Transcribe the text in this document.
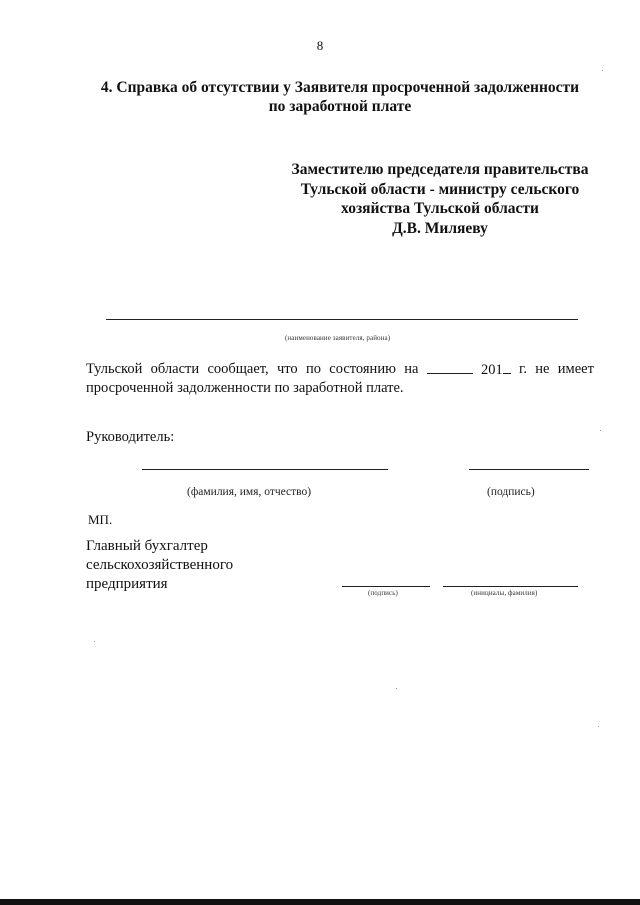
8
4. Справка об отсутствии у Заявителя просроченной задолженности
по заработной плате
Заместителю председателя правительства
Тульской области - министру сельского
хозяйства Тульской области
Д.В. Миляеву
(наименование заявителя, района)
Тульской области сообщает, что по состоянию на	201	г. не имеет
просроченной задолженности по заработной плате.
Руководитель:
(фамилия, имя, отчество)	(подпись)
МП.
Главный бухгалтер
сельскохозяйственного
предприятия
(подпись)	(инициалы, фамилия)
